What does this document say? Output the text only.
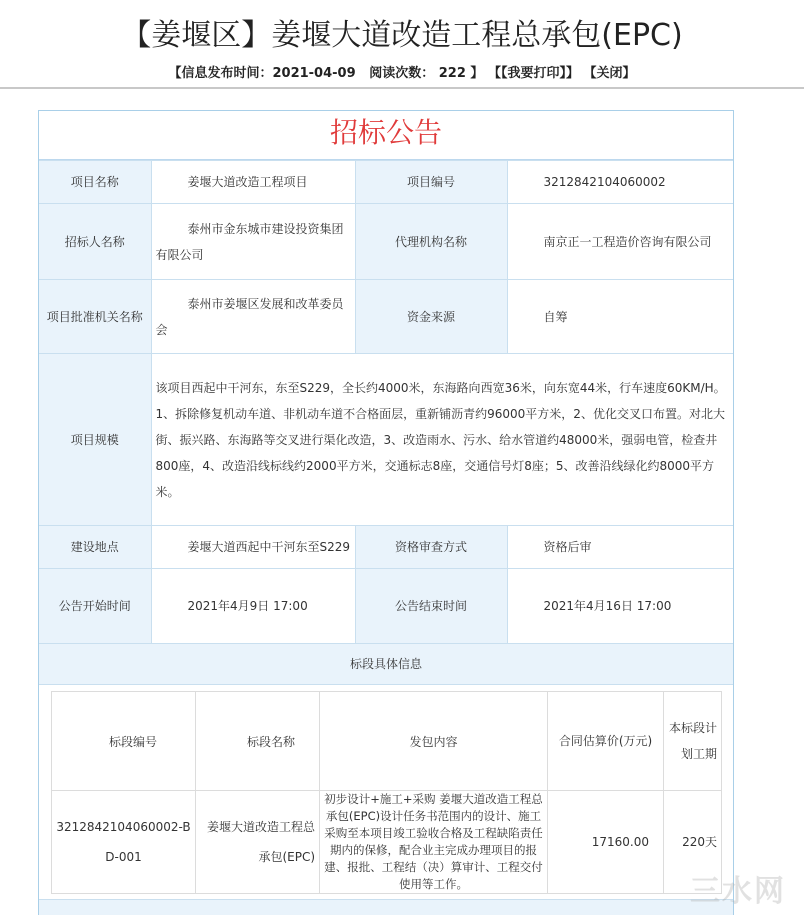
【姜堰区】姜堰大道改造工程总承包(EPC)
【信息发布时间：2021-04-09   阅读次数： 222 】 【【我要打印】】 【关闭】
招标公告
项目名称	姜堰大道改造工程项目	项目编号	3212842104060002

招标人名称	泰州市金东城市建设投资集团有限公司	代理机构名称	南京正一工程造价咨询有限公司

项目批准机关名称	泰州市姜堰区发展和改革委员会	资金来源	自筹

项目规模	该项目西起中干河东，东至S229，全长约4000米，东海路向西宽36米，向东宽44米，行车速度60KM/H。1、拆除修复机动车道、非机动车道不合格面层，重新铺沥青约96000平方米，2、优化交叉口布置。对北大街、振兴路、东海路等交叉进行渠化改造，3、改造雨水、污水、给水管道约48000米，强弱电管，检查井800座，4、改造沿线标线约2000平方米，交通标志8座，交通信号灯8座；5、改善沿线绿化约8000平方米。		

建设地点	姜堰大道西起中干河东至S229	资格审查方式	资格后审

公告开始时间	2021年4月9日 17:00	公告结束时间	2021年4月16日 17:00
标段具体信息
标段编号	标段名称	发包内容	合同估算价(万元)	本标段计划工期
3212842104060002-BD-001	姜堰大道改造工程总承包(EPC)	初步设计+施工+采购 姜堰大道改造工程总承包(EPC)设计任务书范围内的设计、施工采购至本项目竣工验收合格及工程缺陷责任期内的保修，配合业主完成办理项目的报建、报批、工程结（决）算审计、工程交付使用等工作。	17160.00	220天
三水网
